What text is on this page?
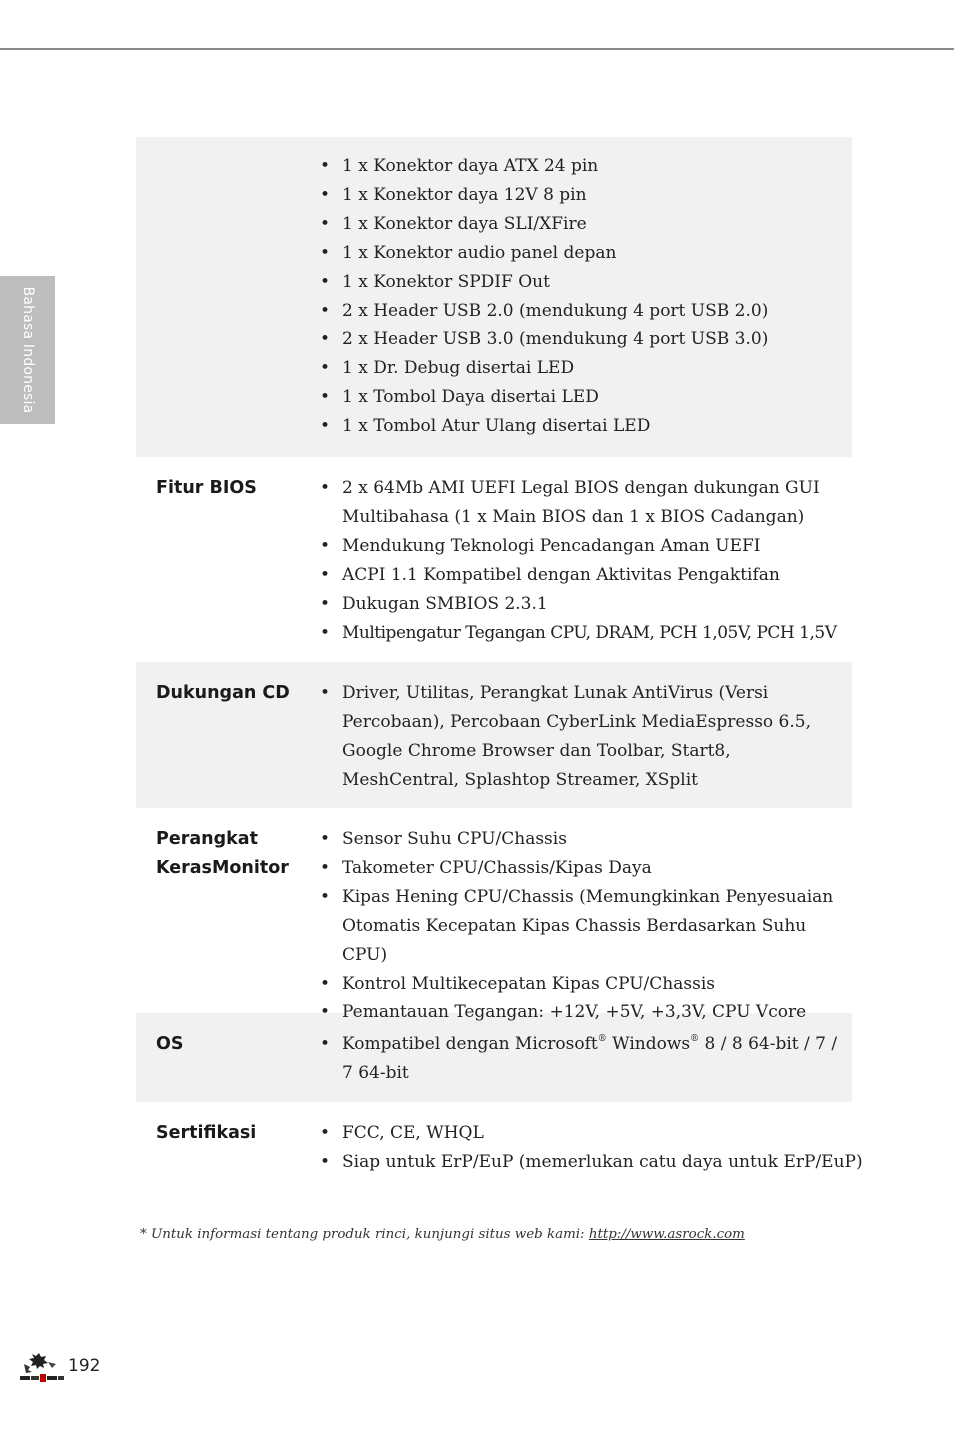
Bahasa Indonesia
• 1 x Konektor daya ATX 24 pin
• 1 x Konektor daya 12V 8 pin
• 1 x Konektor daya SLI/XFire
• 1 x Konektor audio panel depan
• 1 x Konektor SPDIF Out
• 2 x Header USB 2.0 (mendukung 4 port USB 2.0)
• 2 x Header USB 3.0 (mendukung 4 port USB 3.0)
• 1 x Dr. Debug disertai LED
• 1 x Tombol Daya disertai LED
• 1 x Tombol Atur Ulang disertai LED
Fitur BIOS	• 2 x 64Mb AMI UEFI Legal BIOS dengan dukungan GUI Multibahasa (1 x Main BIOS dan 1 x BIOS Cadangan)
• Mendukung Teknologi Pencadangan Aman UEFI
• ACPI 1.1 Kompatibel dengan Aktivitas Pengaktifan
• Dukugan SMBIOS 2.3.1
• Multipengatur Tegangan CPU, DRAM, PCH 1,05V, PCH 1,5V
Dukungan CD	• Driver, Utilitas, Perangkat Lunak AntiVirus (Versi Percobaan), Percobaan CyberLink MediaEspresso 6.5, Google Chrome Browser dan Toolbar, Start8, MeshCentral, Splashtop Streamer, XSplit
Perangkat
KerasMonitor
• Sensor Suhu CPU/Chassis
• Takometer CPU/Chassis/Kipas Daya
• Kipas Hening CPU/Chassis (Memungkinkan Penyesuaian Otomatis Kecepatan Kipas Chassis Berdasarkan Suhu CPU)
• Kontrol Multikecepatan Kipas CPU/Chassis
• Pemantauan Tegangan: +12V, +5V, +3,3V, CPU Vcore
OS	• Kompatibel dengan Microsoft® Windows® 8 / 8 64-bit / 7 / 7 64-bit
Sertifikasi	• FCC, CE, WHQL
• Siap untuk ErP/EuP (memerlukan catu daya untuk ErP/EuP)
* Untuk informasi tentang produk rinci, kunjungi situs web kami: http://www.asrock.com
192
